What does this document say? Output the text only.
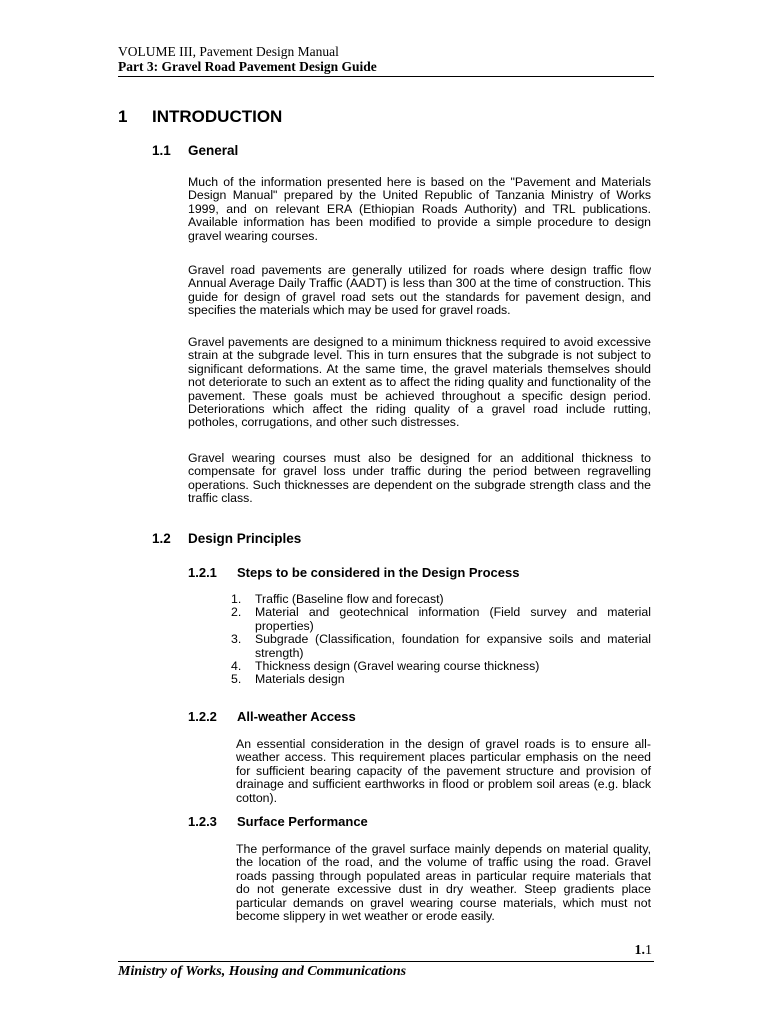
VOLUME III, Pavement Design Manual
Part 3: Gravel Road Pavement Design Guide
1 INTRODUCTION
1.1 General
Much of the information presented here is based on the "Pavement and Materials Design Manual" prepared by the United Republic of Tanzania Ministry of Works 1999, and on relevant ERA (Ethiopian Roads Authority) and TRL publications. Available information has been modified to provide a simple procedure to design gravel wearing courses.
Gravel road pavements are generally utilized for roads where design traffic flow Annual Average Daily Traffic (AADT) is less than 300 at the time of construction. This guide for design of gravel road sets out the standards for pavement design, and specifies the materials which may be used for gravel roads.
Gravel pavements are designed to a minimum thickness required to avoid excessive strain at the subgrade level. This in turn ensures that the subgrade is not subject to significant deformations. At the same time, the gravel materials themselves should not deteriorate to such an extent as to affect the riding quality and functionality of the pavement. These goals must be achieved throughout a specific design period. Deteriorations which affect the riding quality of a gravel road include rutting, potholes, corrugations, and other such distresses.
Gravel wearing courses must also be designed for an additional thickness to compensate for gravel loss under traffic during the period between regravelling operations. Such thicknesses are dependent on the subgrade strength class and the traffic class.
1.2 Design Principles
1.2.1 Steps to be considered in the Design Process
1. Traffic (Baseline flow and forecast)
2. Material and geotechnical information (Field survey and material properties)
3. Subgrade (Classification, foundation for expansive soils and material strength)
4. Thickness design (Gravel wearing course thickness)
5. Materials design
1.2.2 All-weather Access
An essential consideration in the design of gravel roads is to ensure all-weather access. This requirement places particular emphasis on the need for sufficient bearing capacity of the pavement structure and provision of drainage and sufficient earthworks in flood or problem soil areas (e.g. black cotton).
1.2.3 Surface Performance
The performance of the gravel surface mainly depends on material quality, the location of the road, and the volume of traffic using the road. Gravel roads passing through populated areas in particular require materials that do not generate excessive dust in dry weather. Steep gradients place particular demands on gravel wearing course materials, which must not become slippery in wet weather or erode easily.
1.1
Ministry of Works, Housing and Communications
